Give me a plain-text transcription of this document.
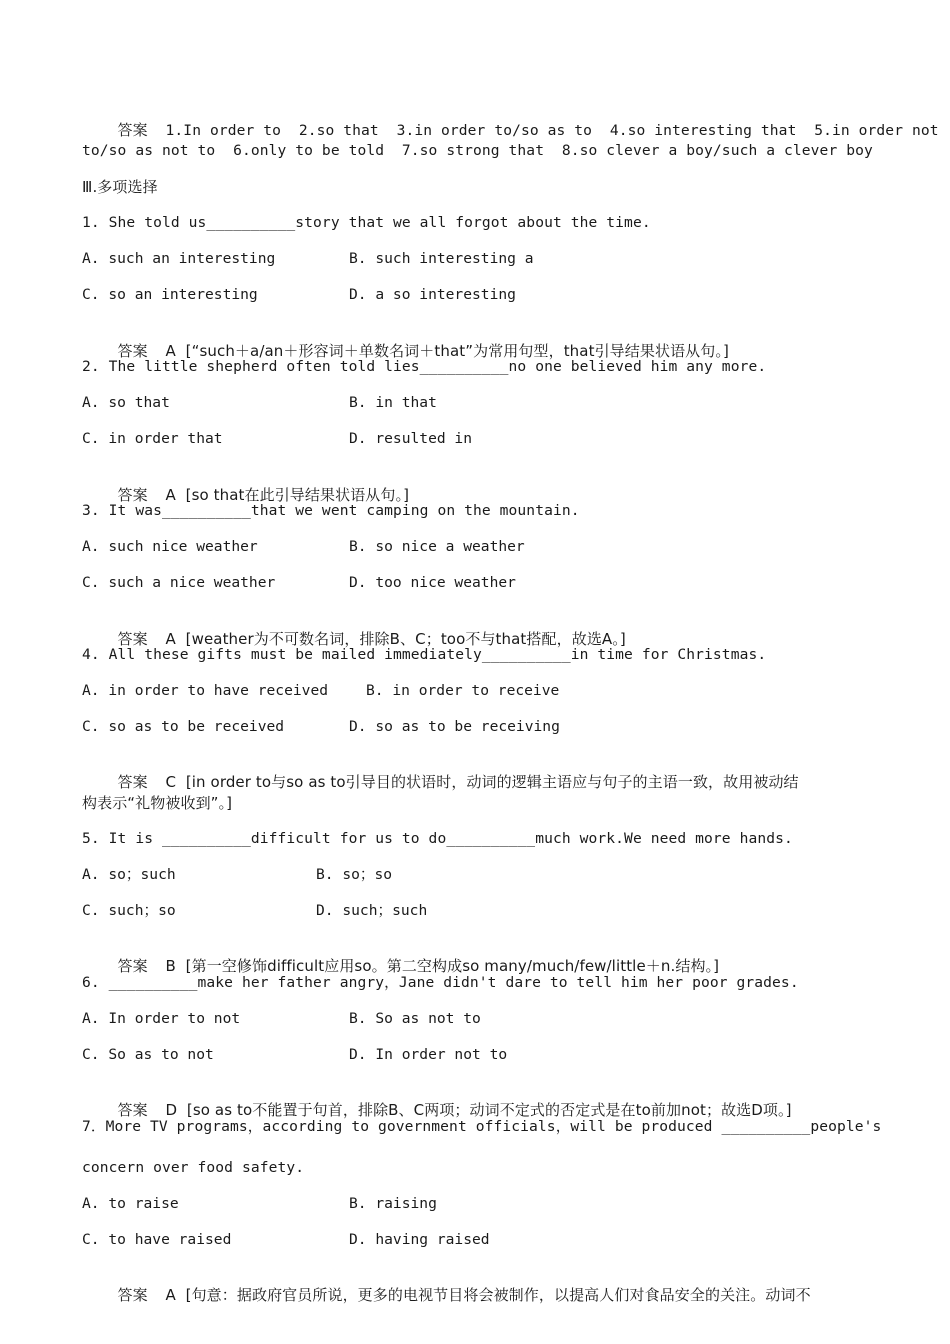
答案 1.In order to  2.so that  3.in order to/so as to  4.so interesting that  5.in order not

to/so as not to  6.only to be told  7.so strong that  8.so clever a boy/such a clever boy
Ⅲ.多项选择
1. She told us__________story that we all forgot about the time.
A. such an interesting	B. such interesting a
C. so an interesting	D. a so interesting

答案 A  [“such＋a/an＋形容词＋单数名词＋that”为常用句型，that引导结果状语从句。]

2. The little shepherd often told lies__________no one believed him any more.
A. so that	B. in that
C. in order that	D. resulted in

答案 A  [so that在此引导结果状语从句。]

3. It was__________that we went camping on the mountain.
A. such nice weather	B. so nice a weather
C. such a nice weather	D. too nice weather

答案 A  [weather为不可数名词，排除B、C；too不与that搭配，故选A。]

4. All these gifts must be mailed immediately__________in time for Christmas.
A. in order to have received	B. in order to receive
C. so as to be received	D. so as to be receiving

答案 C  [in order to与so as to引导目的状语时，动词的逻辑主语应与句子的主语一致，故用被动结

构表示“礼物被收到”。]
5. It is __________difficult for us to do__________much work.We need more hands.
A. so；such	B. so；so
C. such；so	D. such；such

答案 B  [第一空修饰difficult应用so。第二空构成so many/much/few/little＋n.结构。]

6. __________make her father angry，Jane didn't dare to tell him her poor grades.
A. In order to not	B. So as not to
C. So as to not	D. In order not to

答案 D  [so as to不能置于句首，排除B、C两项；动词不定式的否定式是在to前加not；故选D项。]

7．More TV programs，according to government officials，will be produced __________people's
concern over food safety.
A. to raise	B. raising
C. to have raised	D. having raised

答案 A  [句意：据政府官员所说，更多的电视节目将会被制作，以提高人们对食品安全的关注。动词不
